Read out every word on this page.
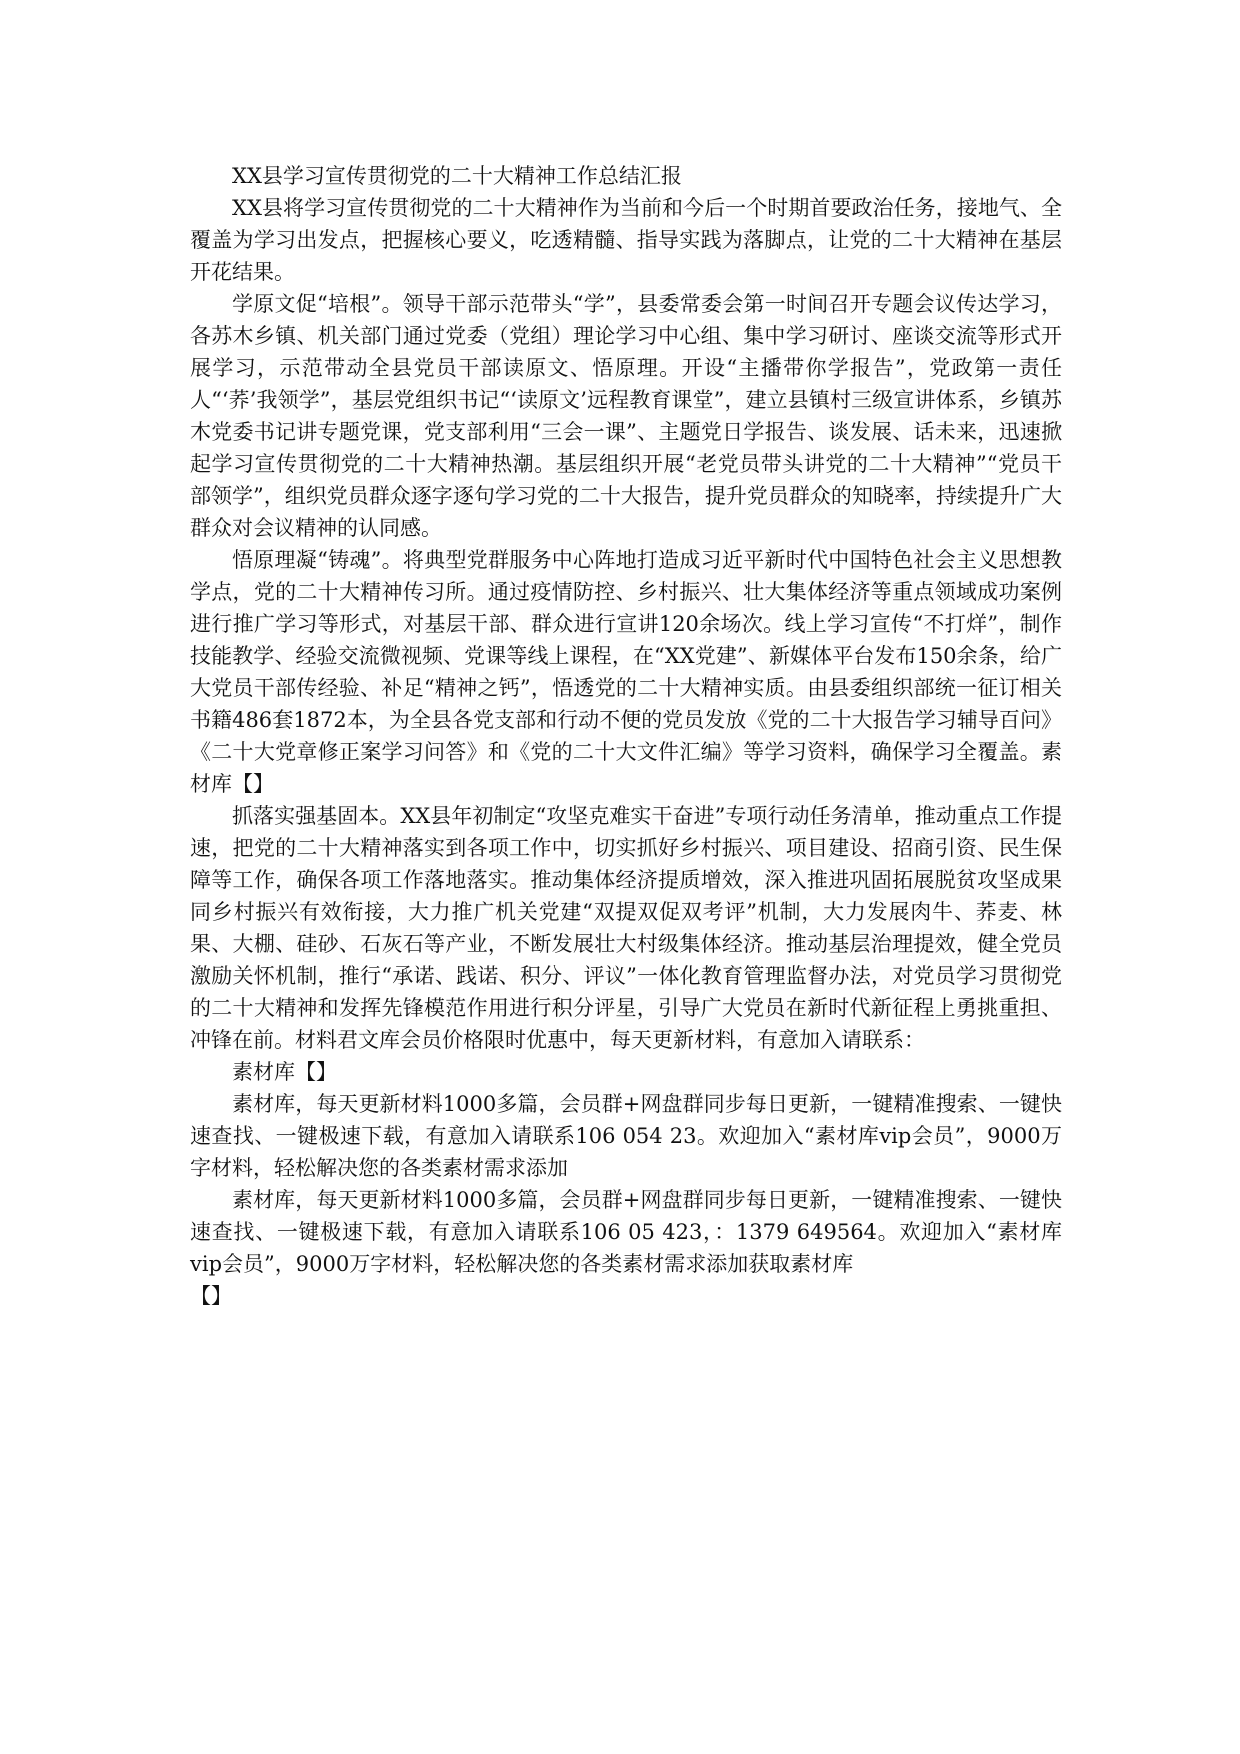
XX县学习宣传贯彻党的二十大精神工作总结汇报

XX县将学习宣传贯彻党的二十大精神作为当前和今后一个时期首要政治任务，接地气、全覆盖为学习出发点，把握核心要义，吃透精髓、指导实践为落脚点，让党的二十大精神在基层开花结果。

学原文促“培根”。领导干部示范带头“学”，县委常委会第一时间召开专题会议传达学习，各苏木乡镇、机关部门通过党委（党组）理论学习中心组、集中学习研讨、座谈交流等形式开展学习，示范带动全县党员干部读原文、悟原理。开设“主播带你学报告”，党政第一责任人“‘荞’我领学”，基层党组织书记“‘读原文’远程教育课堂”，建立县镇村三级宣讲体系，乡镇苏木党委书记讲专题党课，党支部利用“三会一课”、主题党日学报告、谈发展、话未来，迅速掀起学习宣传贯彻党的二十大精神热潮。基层组织开展“老党员带头讲党的二十大精神”“党员干部领学”，组织党员群众逐字逐句学习党的二十大报告，提升党员群众的知晓率，持续提升广大群众对会议精神的认同感。

悟原理凝“铸魂”。将典型党群服务中心阵地打造成习近平新时代中国特色社会主义思想教学点，党的二十大精神传习所。通过疫情防控、乡村振兴、壮大集体经济等重点领域成功案例进行推广学习等形式，对基层干部、群众进行宣讲120余场次。线上学习宣传“不打烊”，制作技能教学、经验交流微视频、党课等线上课程，在“XX党建”、新媒体平台发布150余条，给广大党员干部传经验、补足“精神之钙”，悟透党的二十大精神实质。由县委组织部统一征订相关书籍486套1872本，为全县各党支部和行动不便的党员发放《党的二十大报告学习辅导百问》《二十大党章修正案学习问答》和《党的二十大文件汇编》等学习资料，确保学习全覆盖。素材库【】

抓落实强基固本。XX县年初制定“攻坚克难实干奋进”专项行动任务清单，推动重点工作提速，把党的二十大精神落实到各项工作中，切实抓好乡村振兴、项目建设、招商引资、民生保障等工作，确保各项工作落地落实。推动集体经济提质增效，深入推进巩固拓展脱贫攻坚成果同乡村振兴有效衔接，大力推广机关党建“双提双促双考评”机制，大力发展肉牛、荞麦、林果、大棚、硅砂、石灰石等产业，不断发展壮大村级集体经济。推动基层治理提效，健全党员激励关怀机制，推行“承诺、践诺、积分、评议”一体化教育管理监督办法，对党员学习贯彻党的二十大精神和发挥先锋模范作用进行积分评星，引导广大党员在新时代新征程上勇挑重担、冲锋在前。材料君文库会员价格限时优惠中，每天更新材料，有意加入请联系：

素材库【】

素材库，每天更新材料1000多篇，会员群+网盘群同步每日更新，一键精准搜索、一键快速查找、一键极速下载，有意加入请联系106 054 23。欢迎加入“素材库vip会员”，9000万字材料，轻松解决您的各类素材需求添加

素材库，每天更新材料1000多篇，会员群+网盘群同步每日更新，一键精准搜索、一键快速查找、一键极速下载，有意加入请联系106 05 423，：1379 649564。欢迎加入“素材库vip会员”，9000万字材料，轻松解决您的各类素材需求添加获取素材库

【】
